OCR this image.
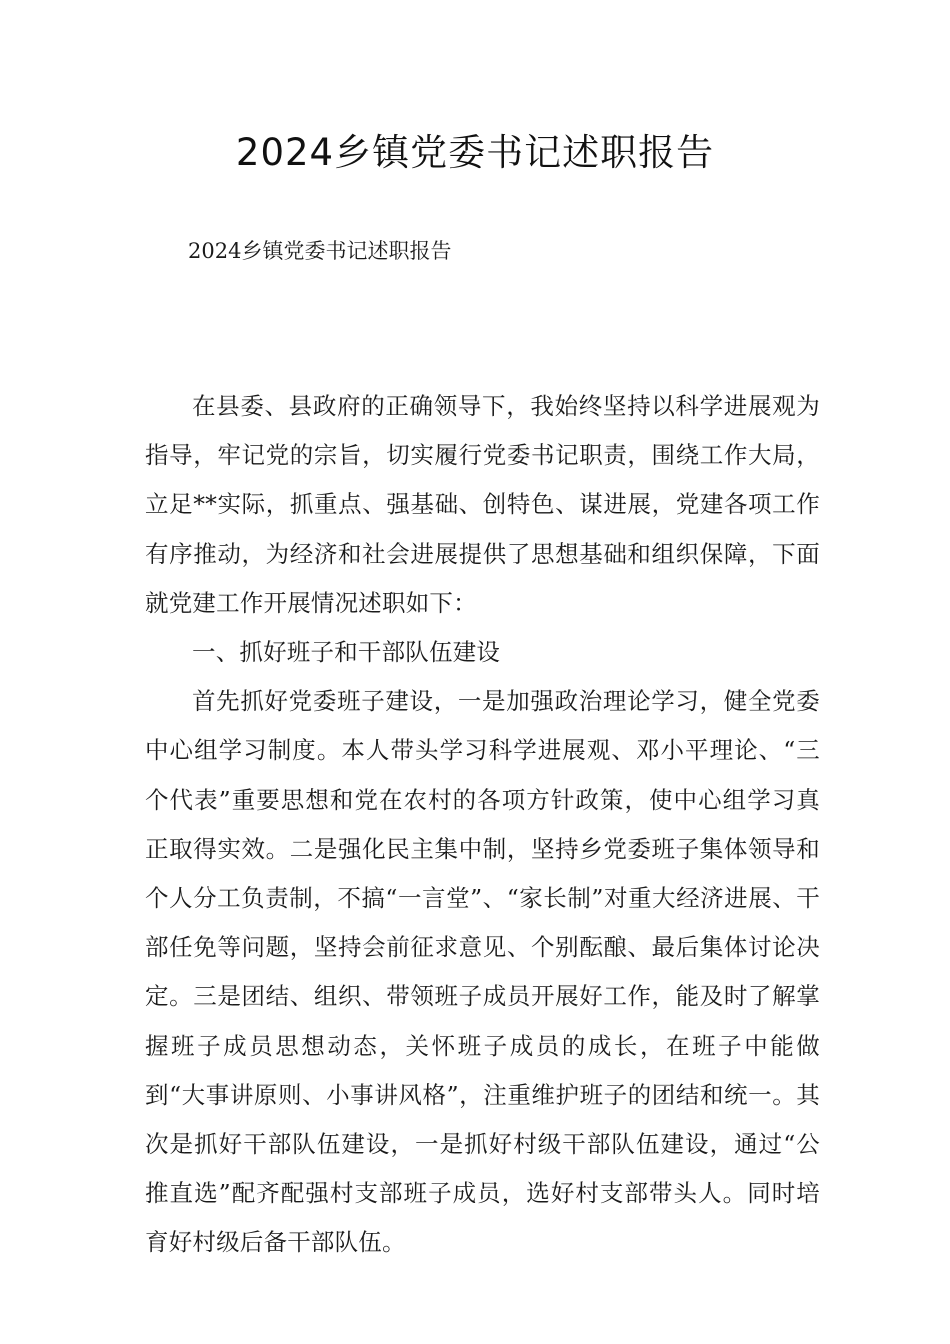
2024乡镇党委书记述职报告
2024乡镇党委书记述职报告

在县委、县政府的正确领导下，我始终坚持以科学进展观为指导，牢记党的宗旨，切实履行党委书记职责，围绕工作大局，立足**实际，抓重点、强基础、创特色、谋进展，党建各项工作有序推动，为经济和社会进展提供了思想基础和组织保障，下面就党建工作开展情况述职如下：

一、抓好班子和干部队伍建设

首先抓好党委班子建设，一是加强政治理论学习，健全党委中心组学习制度。本人带头学习科学进展观、邓小平理论、“三个代表”重要思想和党在农村的各项方针政策，使中心组学习真正取得实效。二是强化民主集中制，坚持乡党委班子集体领导和个人分工负责制，不搞“一言堂”、“家长制”对重大经济进展、干部任免等问题，坚持会前征求意见、个别酝酿、最后集体讨论决定。三是团结、组织、带领班子成员开展好工作，能及时了解掌握班子成员思想动态，关怀班子成员的成长，在班子中能做到“大事讲原则、小事讲风格”，注重维护班子的团结和统一。其次是抓好干部队伍建设，一是抓好村级干部队伍建设，通过“公推直选”配齐配强村支部班子成员，选好村支部带头人。同时培育好村级后备干部队伍。
